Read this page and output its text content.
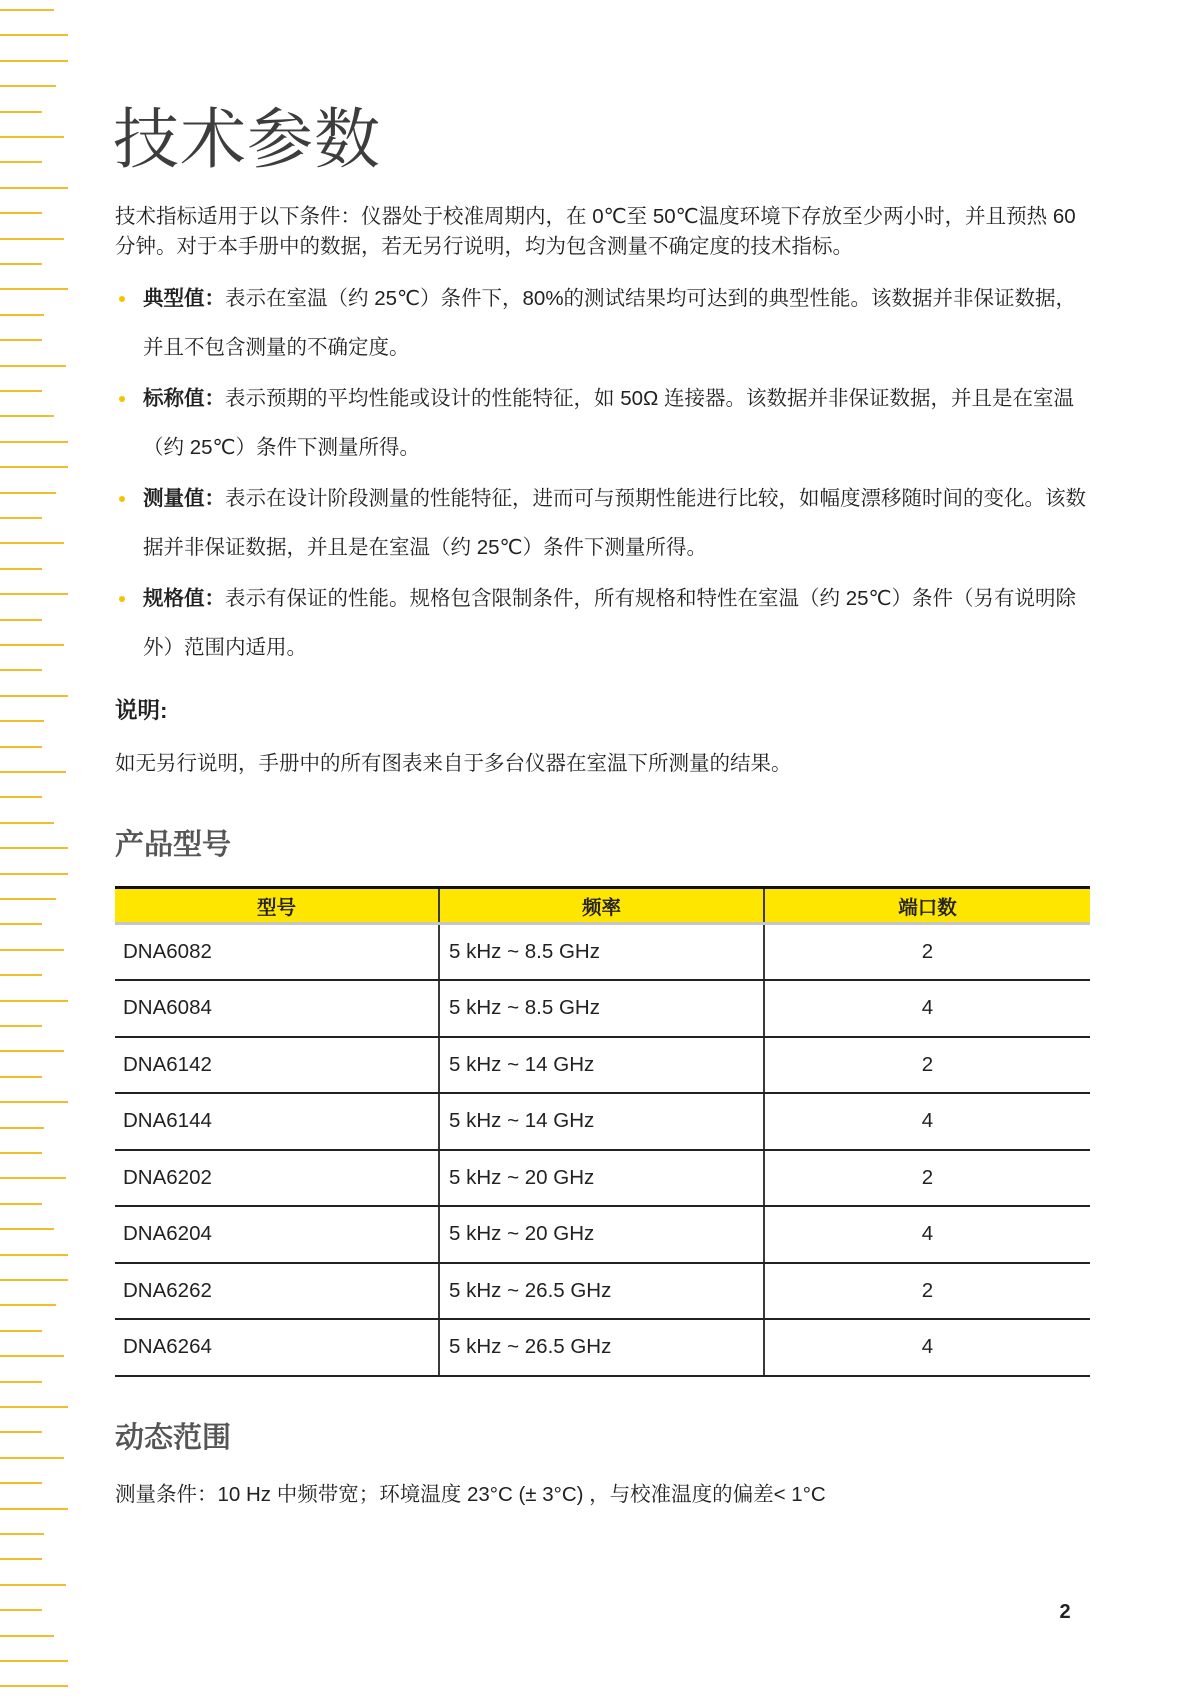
技术参数

技术指标适用于以下条件：仪器处于校准周期内，在 0℃至 50℃温度环境下存放至少两小时，并且预热 60 分钟。对于本手册中的数据，若无另行说明，均为包含测量不确定度的技术指标。

典型值：表示在室温（约 25℃）条件下，80%的测试结果均可达到的典型性能。该数据并非保证数据，并且不包含测量的不确定度。
标称值：表示预期的平均性能或设计的性能特征，如 50Ω 连接器。该数据并非保证数据，并且是在室温（约 25℃）条件下测量所得。
测量值：表示在设计阶段测量的性能特征，进而可与预期性能进行比较，如幅度漂移随时间的变化。该数据并非保证数据，并且是在室温（约 25℃）条件下测量所得。
规格值：表示有保证的性能。规格包含限制条件，所有规格和特性在室温（约 25℃）条件（另有说明除外）范围内适用。

说明:

如无另行说明，手册中的所有图表来自于多台仪器在室温下所测量的结果。

产品型号
型号	频率	端口数
DNA6082	5 kHz ~ 8.5 GHz	2
DNA6084	5 kHz ~ 8.5 GHz	4
DNA6142	5 kHz ~ 14 GHz	2
DNA6144	5 kHz ~ 14 GHz	4
DNA6202	5 kHz ~ 20 GHz	2
DNA6204	5 kHz ~ 20 GHz	4
DNA6262	5 kHz ~ 26.5 GHz	2
DNA6264	5 kHz ~ 26.5 GHz	4
动态范围

测量条件：10 Hz 中频带宽；环境温度 23°C (± 3°C) ，与校准温度的偏差< 1°C

2
